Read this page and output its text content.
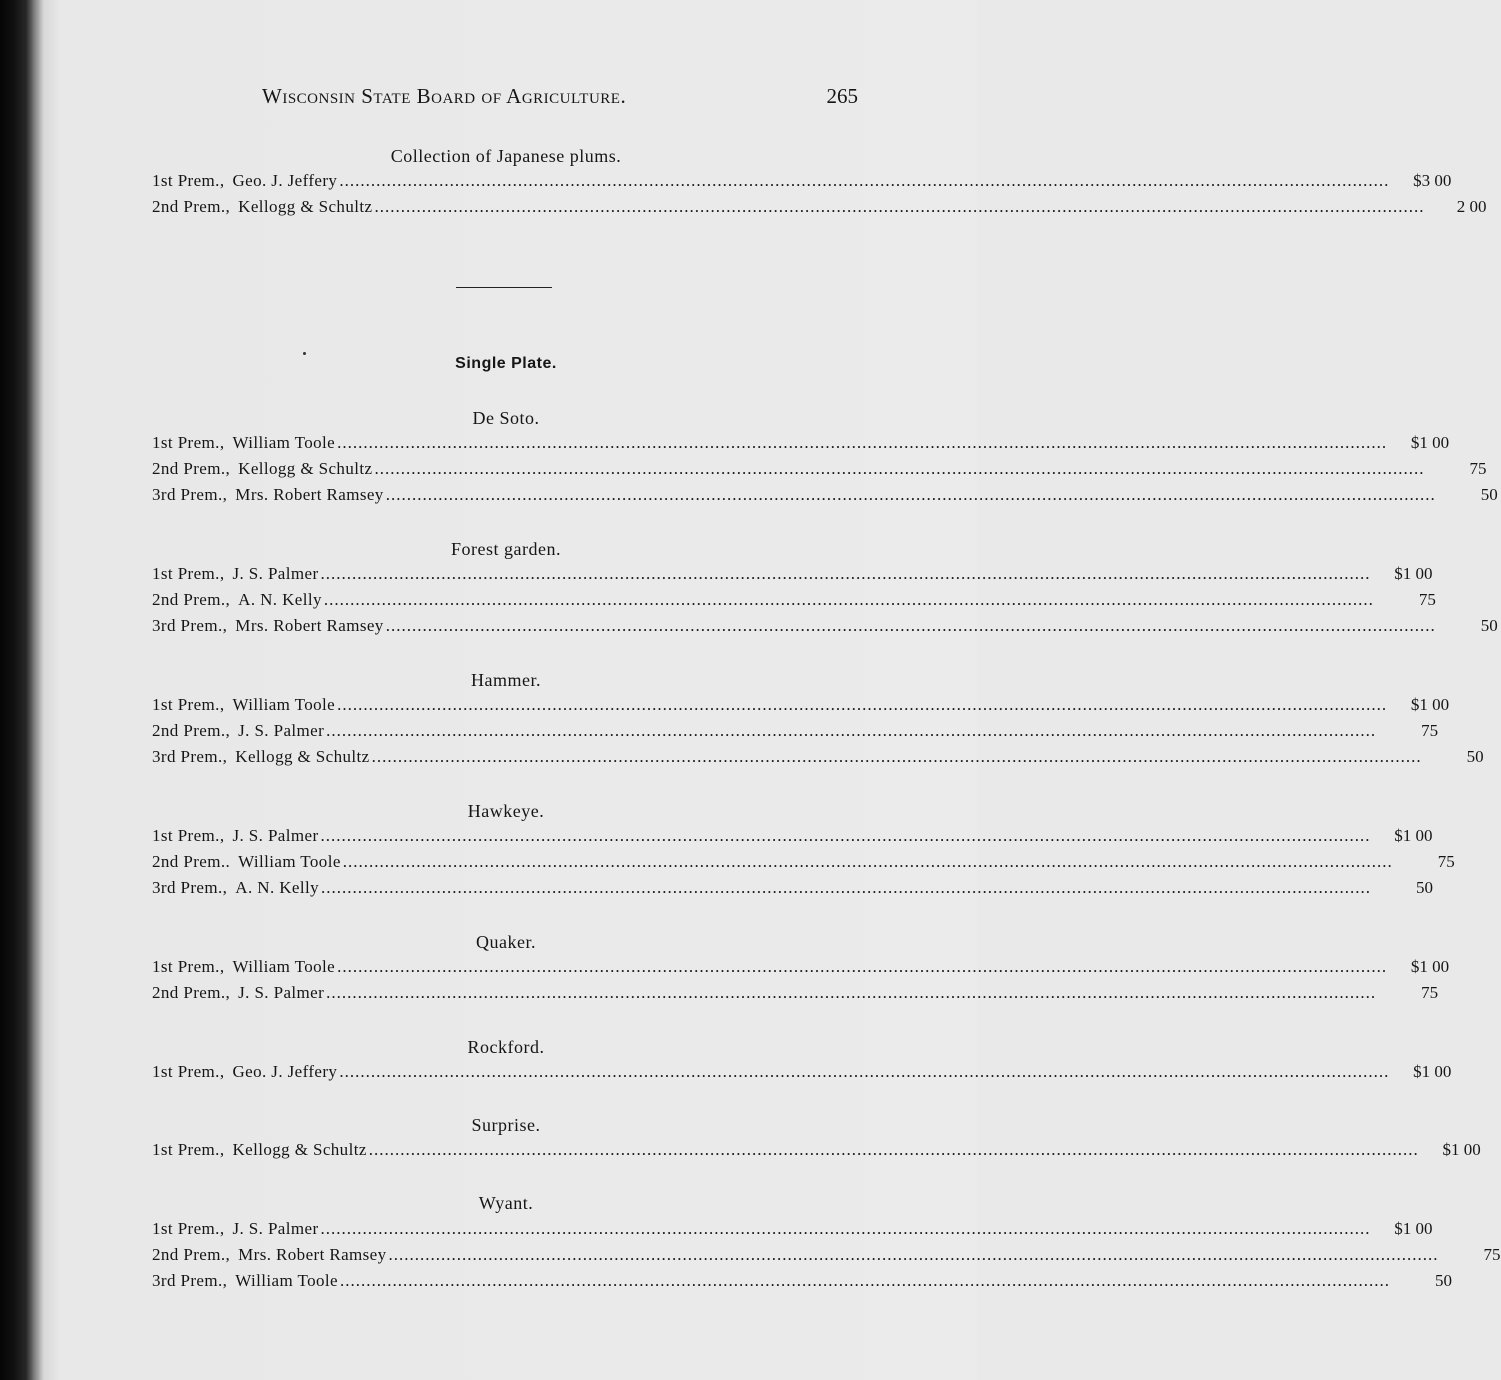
Wisconsin State Board of Agriculture.	265
Collection of Japanese plums.
1st Prem., Geo. J. Jeffery ........................................................................................................................................................................................................	$3 00
2nd Prem., Kellogg & Schultz ........................................................................................................................................................................................................	2 00
Single Plate.
De Soto.
1st Prem., William Toole ........................................................................................................................................................................................................	$1 00
2nd Prem., Kellogg & Schultz ........................................................................................................................................................................................................	75
3rd Prem., Mrs. Robert Ramsey ........................................................................................................................................................................................................	50
Forest garden.
1st Prem., J. S. Palmer ........................................................................................................................................................................................................	$1 00
2nd Prem., A. N. Kelly ........................................................................................................................................................................................................	75
3rd Prem., Mrs. Robert Ramsey ........................................................................................................................................................................................................	50
Hammer.
1st Prem., William Toole ........................................................................................................................................................................................................	$1 00
2nd Prem., J. S. Palmer ........................................................................................................................................................................................................	75
3rd Prem., Kellogg & Schultz ........................................................................................................................................................................................................	50
Hawkeye.
1st Prem., J. S. Palmer ........................................................................................................................................................................................................	$1 00
2nd Prem.. William Toole ........................................................................................................................................................................................................	75
3rd Prem., A. N. Kelly ........................................................................................................................................................................................................	50
Quaker.
1st Prem., William Toole ........................................................................................................................................................................................................	$1 00
2nd Prem., J. S. Palmer ........................................................................................................................................................................................................	75
Rockford.
1st Prem., Geo. J. Jeffery ........................................................................................................................................................................................................	$1 00
Surprise.
1st Prem., Kellogg & Schultz ........................................................................................................................................................................................................	$1 00
Wyant.
1st Prem., J. S. Palmer ........................................................................................................................................................................................................	$1 00
2nd Prem., Mrs. Robert Ramsey ........................................................................................................................................................................................................	75
3rd Prem., William Toole ........................................................................................................................................................................................................	50
